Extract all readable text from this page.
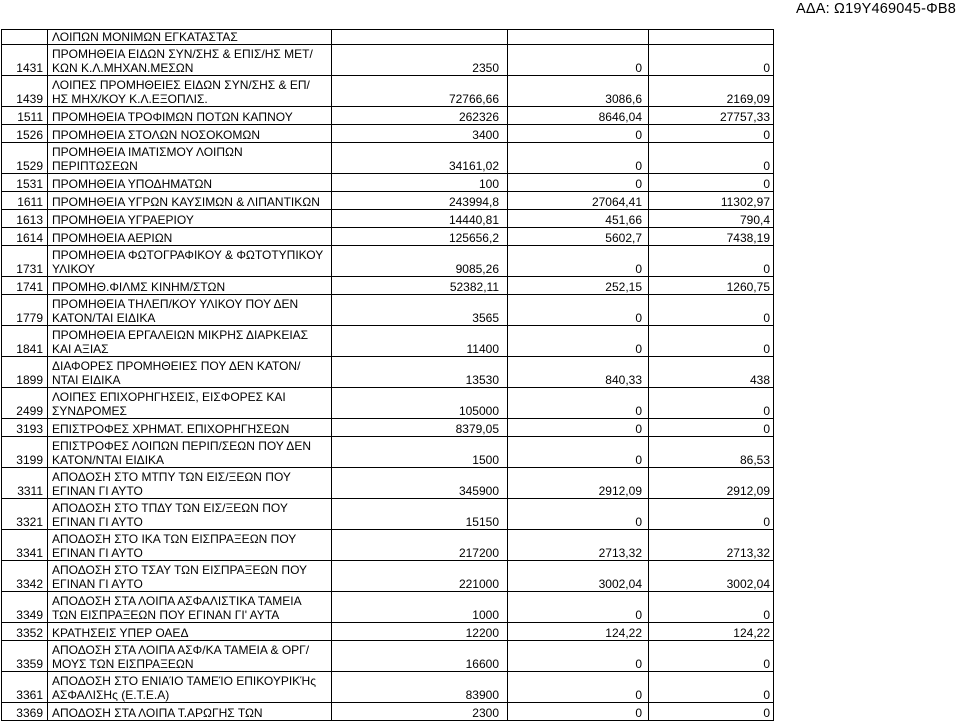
ΑΔΑ: Ω19Υ469045-ΦΒ8
	ΛΟΙΠΩΝ ΜΟΝΙΜΩΝ ΕΓΚΑΤΑΣΤΑΣ			
1431	ΠΡΟΜΗΘΕΙΑ ΕΙΔΩΝ ΣΥΝ/ΣΗΣ & ΕΠΙΣ/ΗΣ ΜΕΤ/ΚΩΝ Κ.Λ.ΜΗΧΑΝ.ΜΕΣΩΝ	2350	0	0
1439	ΛΟΙΠΕΣ ΠΡΟΜΗΘΕΙΕΣ ΕΙΔΩΝ ΣΥΝ/ΣΗΣ & ΕΠ/ΗΣ ΜΗΧ/ΚΟΥ Κ.Λ.ΕΞΟΠΛΙΣ.	72766,66	3086,6	2169,09
1511	ΠΡΟΜΗΘΕΙΑ ΤΡΟΦΙΜΩΝ ΠΟΤΩΝ ΚΑΠΝΟΥ	262326	8646,04	27757,33
1526	ΠΡΟΜΗΘΕΙΑ ΣΤΟΛΩΝ ΝΟΣΟΚΟΜΩΝ	3400	0	0
1529	ΠΡΟΜΗΘΕΙΑ ΙΜΑΤΙΣΜΟΥ ΛΟΙΠΩΝ ΠΕΡΙΠΤΩΣΕΩΝ	34161,02	0	0
1531	ΠΡΟΜΗΘΕΙΑ ΥΠΟΔΗΜΑΤΩΝ	100	0	0
1611	ΠΡΟΜΗΘΕΙΑ ΥΓΡΩΝ ΚΑΥΣΙΜΩΝ & ΛΙΠΑΝΤΙΚΩΝ	243994,8	27064,41	11302,97
1613	ΠΡΟΜΗΘΕΙΑ ΥΓΡΑΕΡΙΟΥ	14440,81	451,66	790,4
1614	ΠΡΟΜΗΘΕΙΑ ΑΕΡΙΩΝ	125656,2	5602,7	7438,19
1731	ΠΡΟΜΗΘΕΙΑ ΦΩΤΟΓΡΑΦΙΚΟΥ & ΦΩΤΟΤΥΠΙΚΟΥ ΥΛΙΚΟΥ	9085,26	0	0
1741	ΠΡΟΜΗΘ.ΦΙΛΜΣ ΚΙΝΗΜ/ΣΤΩΝ	52382,11	252,15	1260,75
1779	ΠΡΟΜΗΘΕΙΑ ΤΗΛΕΠ/ΚΟΥ ΥΛΙΚΟΥ ΠΟΥ ΔΕΝ ΚΑΤΟΝ/ΤΑΙ ΕΙΔΙΚΑ	3565	0	0
1841	ΠΡΟΜΗΘΕΙΑ ΕΡΓΑΛΕΙΩΝ ΜΙΚΡΗΣ ΔΙΑΡΚΕΙΑΣ ΚΑΙ ΑΞΙΑΣ	11400	0	0
1899	ΔΙΑΦΟΡΕΣ ΠΡΟΜΗΘΕΙΕΣ ΠΟΥ ΔΕΝ ΚΑΤΟΝ/ΝΤΑΙ ΕΙΔΙΚΑ	13530	840,33	438
2499	ΛΟΙΠΕΣ ΕΠΙΧΟΡΗΓΗΣΕΙΣ, ΕΙΣΦΟΡΕΣ ΚΑΙ ΣΥΝΔΡΟΜΕΣ	105000	0	0
3193	ΕΠΙΣΤΡΟΦΕΣ ΧΡΗΜΑΤ. ΕΠΙΧΟΡΗΓΗΣΕΩΝ	8379,05	0	0
3199	ΕΠΙΣΤΡΟΦΕΣ ΛΟΙΠΩΝ ΠΕΡΙΠ/ΣΕΩΝ ΠΟΥ ΔΕΝ ΚΑΤΟΝ/ΝΤΑΙ ΕΙΔΙΚΑ	1500	0	86,53
3311	ΑΠΟΔΟΣΗ ΣΤΟ ΜΤΠΥ ΤΩΝ ΕΙΣ/ΞΕΩΝ ΠΟΥ ΕΓΙΝΑΝ ΓΙ ΑΥΤΟ	345900	2912,09	2912,09
3321	ΑΠΟΔΟΣΗ ΣΤΟ ΤΠΔΥ ΤΩΝ ΕΙΣ/ΞΕΩΝ ΠΟΥ ΕΓΙΝΑΝ ΓΙ ΑΥΤΟ	15150	0	0
3341	ΑΠΟΔΟΣΗ ΣΤΟ ΙΚΑ ΤΩΝ ΕΙΣΠΡΑΞΕΩΝ ΠΟΥ ΕΓΙΝΑΝ ΓΙ ΑΥΤΟ	217200	2713,32	2713,32
3342	ΑΠΟΔΟΣΗ ΣΤΟ ΤΣΑΥ ΤΩΝ ΕΙΣΠΡΑΞΕΩΝ ΠΟΥ ΕΓΙΝΑΝ ΓΙ ΑΥΤΟ	221000	3002,04	3002,04
3349	ΑΠΟΔΟΣΗ ΣΤΑ ΛΟΙΠΑ ΑΣΦΑΛΙΣΤΙΚΑ ΤΑΜΕΙΑ ΤΩΝ ΕΙΣΠΡΑΞΕΩΝ ΠΟΥ ΕΓΙΝΑΝ ΓΙ' ΑΥΤΑ	1000	0	0
3352	ΚΡΑΤΗΣΕΙΣ ΥΠΕΡ ΟΑΕΔ	12200	124,22	124,22
3359	ΑΠΟΔΟΣΗ ΣΤΑ ΛΟΙΠΑ ΑΣΦ/ΚΑ ΤΑΜΕΙΑ & ΟΡΓ/ΜΟΥΣ ΤΩΝ ΕΙΣΠΡΑΞΕΩΝ	16600	0	0
3361	ΑΠΟΔΟΣΗ ΣΤΟ ΕΝΙΑΊΟ ΤΑΜΕΊΟ ΕΠΙΚΟΥΡΙΚΉς ΑΣΦΑΛΙΣΗς (Ε.Τ.Ε.Α)	83900	0	0
3369	ΑΠΟΔΟΣΗ ΣΤΑ ΛΟΙΠΑ Τ.ΑΡΩΓΗΣ ΤΩΝ	2300	0	0
